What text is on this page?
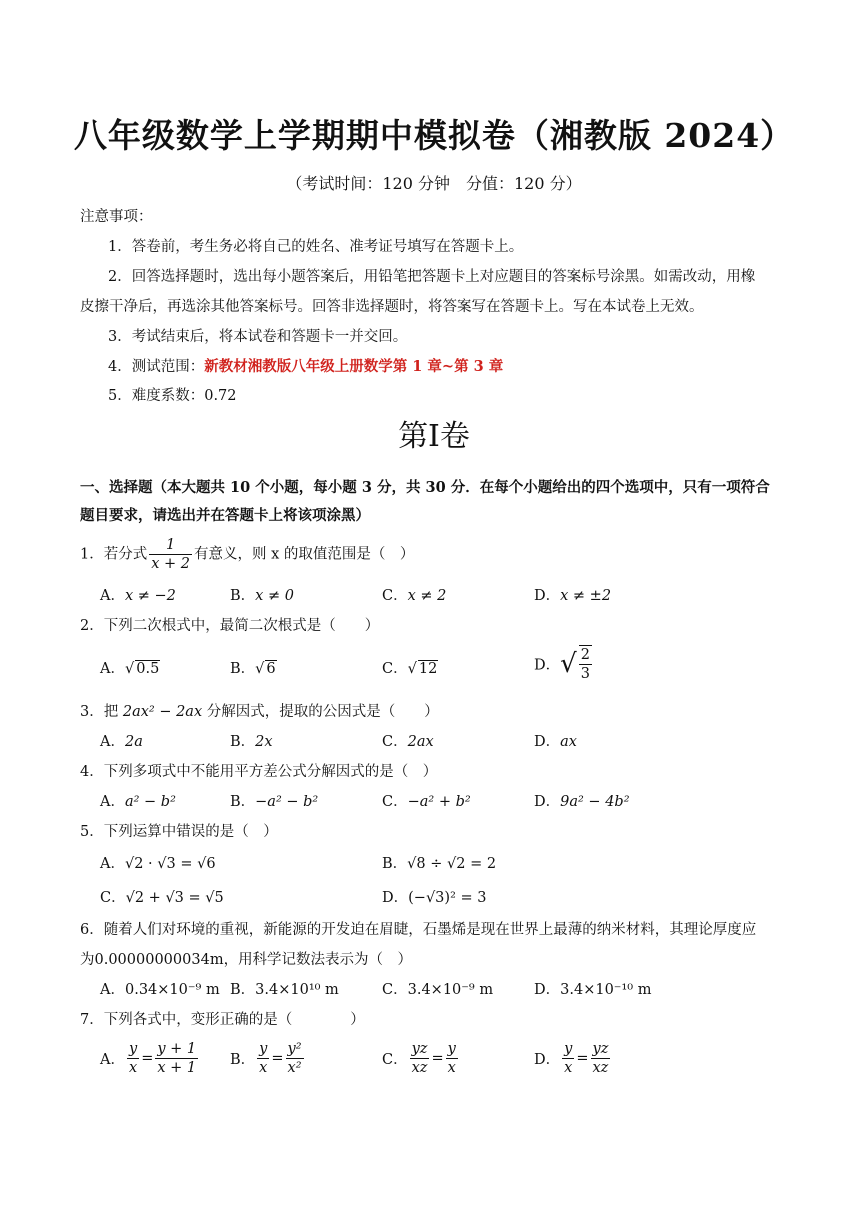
八年级数学上学期期中模拟卷（湘教版 2024）
（考试时间：120 分钟　分值：120 分）
注意事项：
1．答卷前，考生务必将自己的姓名、准考证号填写在答题卡上。
2．回答选择题时，选出每小题答案后，用铅笔把答题卡上对应题目的答案标号涂黑。如需改动，用橡
皮擦干净后，再选涂其他答案标号。回答非选择题时，将答案写在答题卡上。写在本试卷上无效。
3．考试结束后，将本试卷和答题卡一并交回。
4．测试范围：新教材湘教版八年级上册数学第 1 章~第 3 章
5．难度系数：0.72
第Ⅰ卷
一、选择题（本大题共 10 个小题，每小题 3 分，共 30 分．在每个小题给出的四个选项中，只有一项符合
题目要求，请选出并在答题卡上将该项涂黑）
1．若分式 $\frac{1}{x + 2}$ 有意义，则 x 的取值范围是（　）
A．x ≠ −2	B．x ≠ 0	C．x ≠ 2	D．x ≠ ±2
2．下列二次根式中，最简二次根式是（　　）
A．√ 0.5	B．√ 6	C．√ 12	D．√ $\frac{2}{3}$
3．把 2ax² − 2ax 分解因式，提取的公因式是（　　）
A．2a	B．2x	C．2ax	D．ax
4．下列多项式中不能用平方差公式分解因式的是（　）
A．a² − b²	B．−a² − b²	C．−a² + b²	D．9a² − 4b²
5．下列运算中错误的是（　）
A．√2 · √3 = √6	B．√8 ÷ √2 = 2
C．√2 + √3 = √5	D．(−√3)² = 3
6．随着人们对环境的重视，新能源的开发迫在眉睫，石墨烯是现在世界上最薄的纳米材料，其理论厚度应
为0.00000000034m，用科学记数法表示为（　）
A．0.34×10⁻⁹ m B．3.4×10¹⁰ m	C．3.4×10⁻⁹ m	D．3.4×10⁻¹⁰ m
7．下列各式中，变形正确的是（　　　　）
A． $\frac{y}{x} = \frac{y + 1}{x + 1}$ B． $\frac{y}{x} = \frac{\text{y²}}{\text{x²}}$	C． $\frac{yz}{xz} = \frac{y}{x}$	D． $\frac{y}{x} = \frac{yz}{xz}$
